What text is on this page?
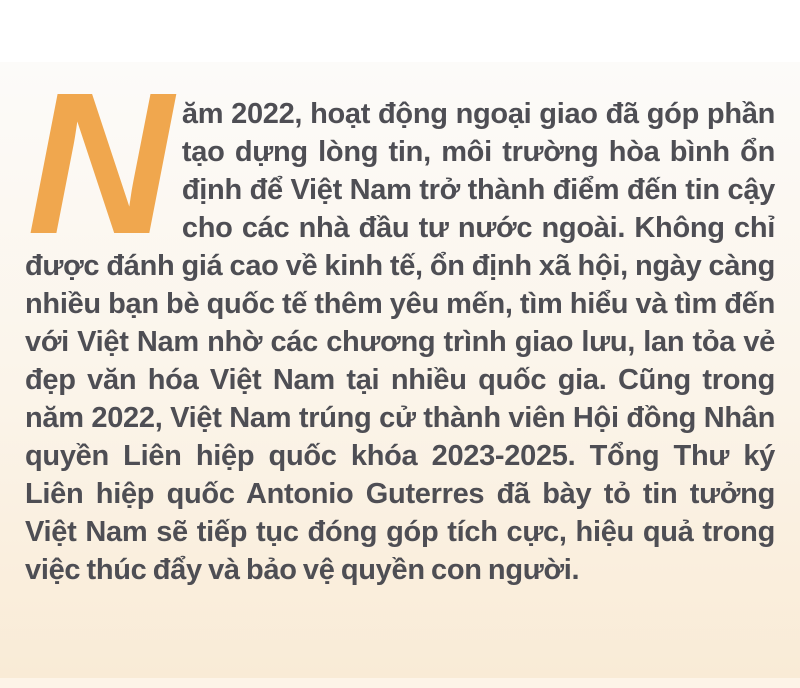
Năm 2022, hoạt động ngoại giao đã góp phần tạo dựng lòng tin, môi trường hòa bình ổn định để Việt Nam trở thành điểm đến tin cậy cho các nhà đầu tư nước ngoài. Không chỉ được đánh giá cao về kinh tế, ổn định xã hội, ngày càng nhiều bạn bè quốc tế thêm yêu mến, tìm hiểu và tìm đến với Việt Nam nhờ các chương trình giao lưu, lan tỏa vẻ đẹp văn hóa Việt Nam tại nhiều quốc gia. Cũng trong năm 2022, Việt Nam trúng cử thành viên Hội đồng Nhân quyền Liên hiệp quốc khóa 2023-2025. Tổng Thư ký Liên hiệp quốc Antonio Guterres đã bày tỏ tin tưởng Việt Nam sẽ tiếp tục đóng góp tích cực, hiệu quả trong việc thúc đẩy và bảo vệ quyền con người.
